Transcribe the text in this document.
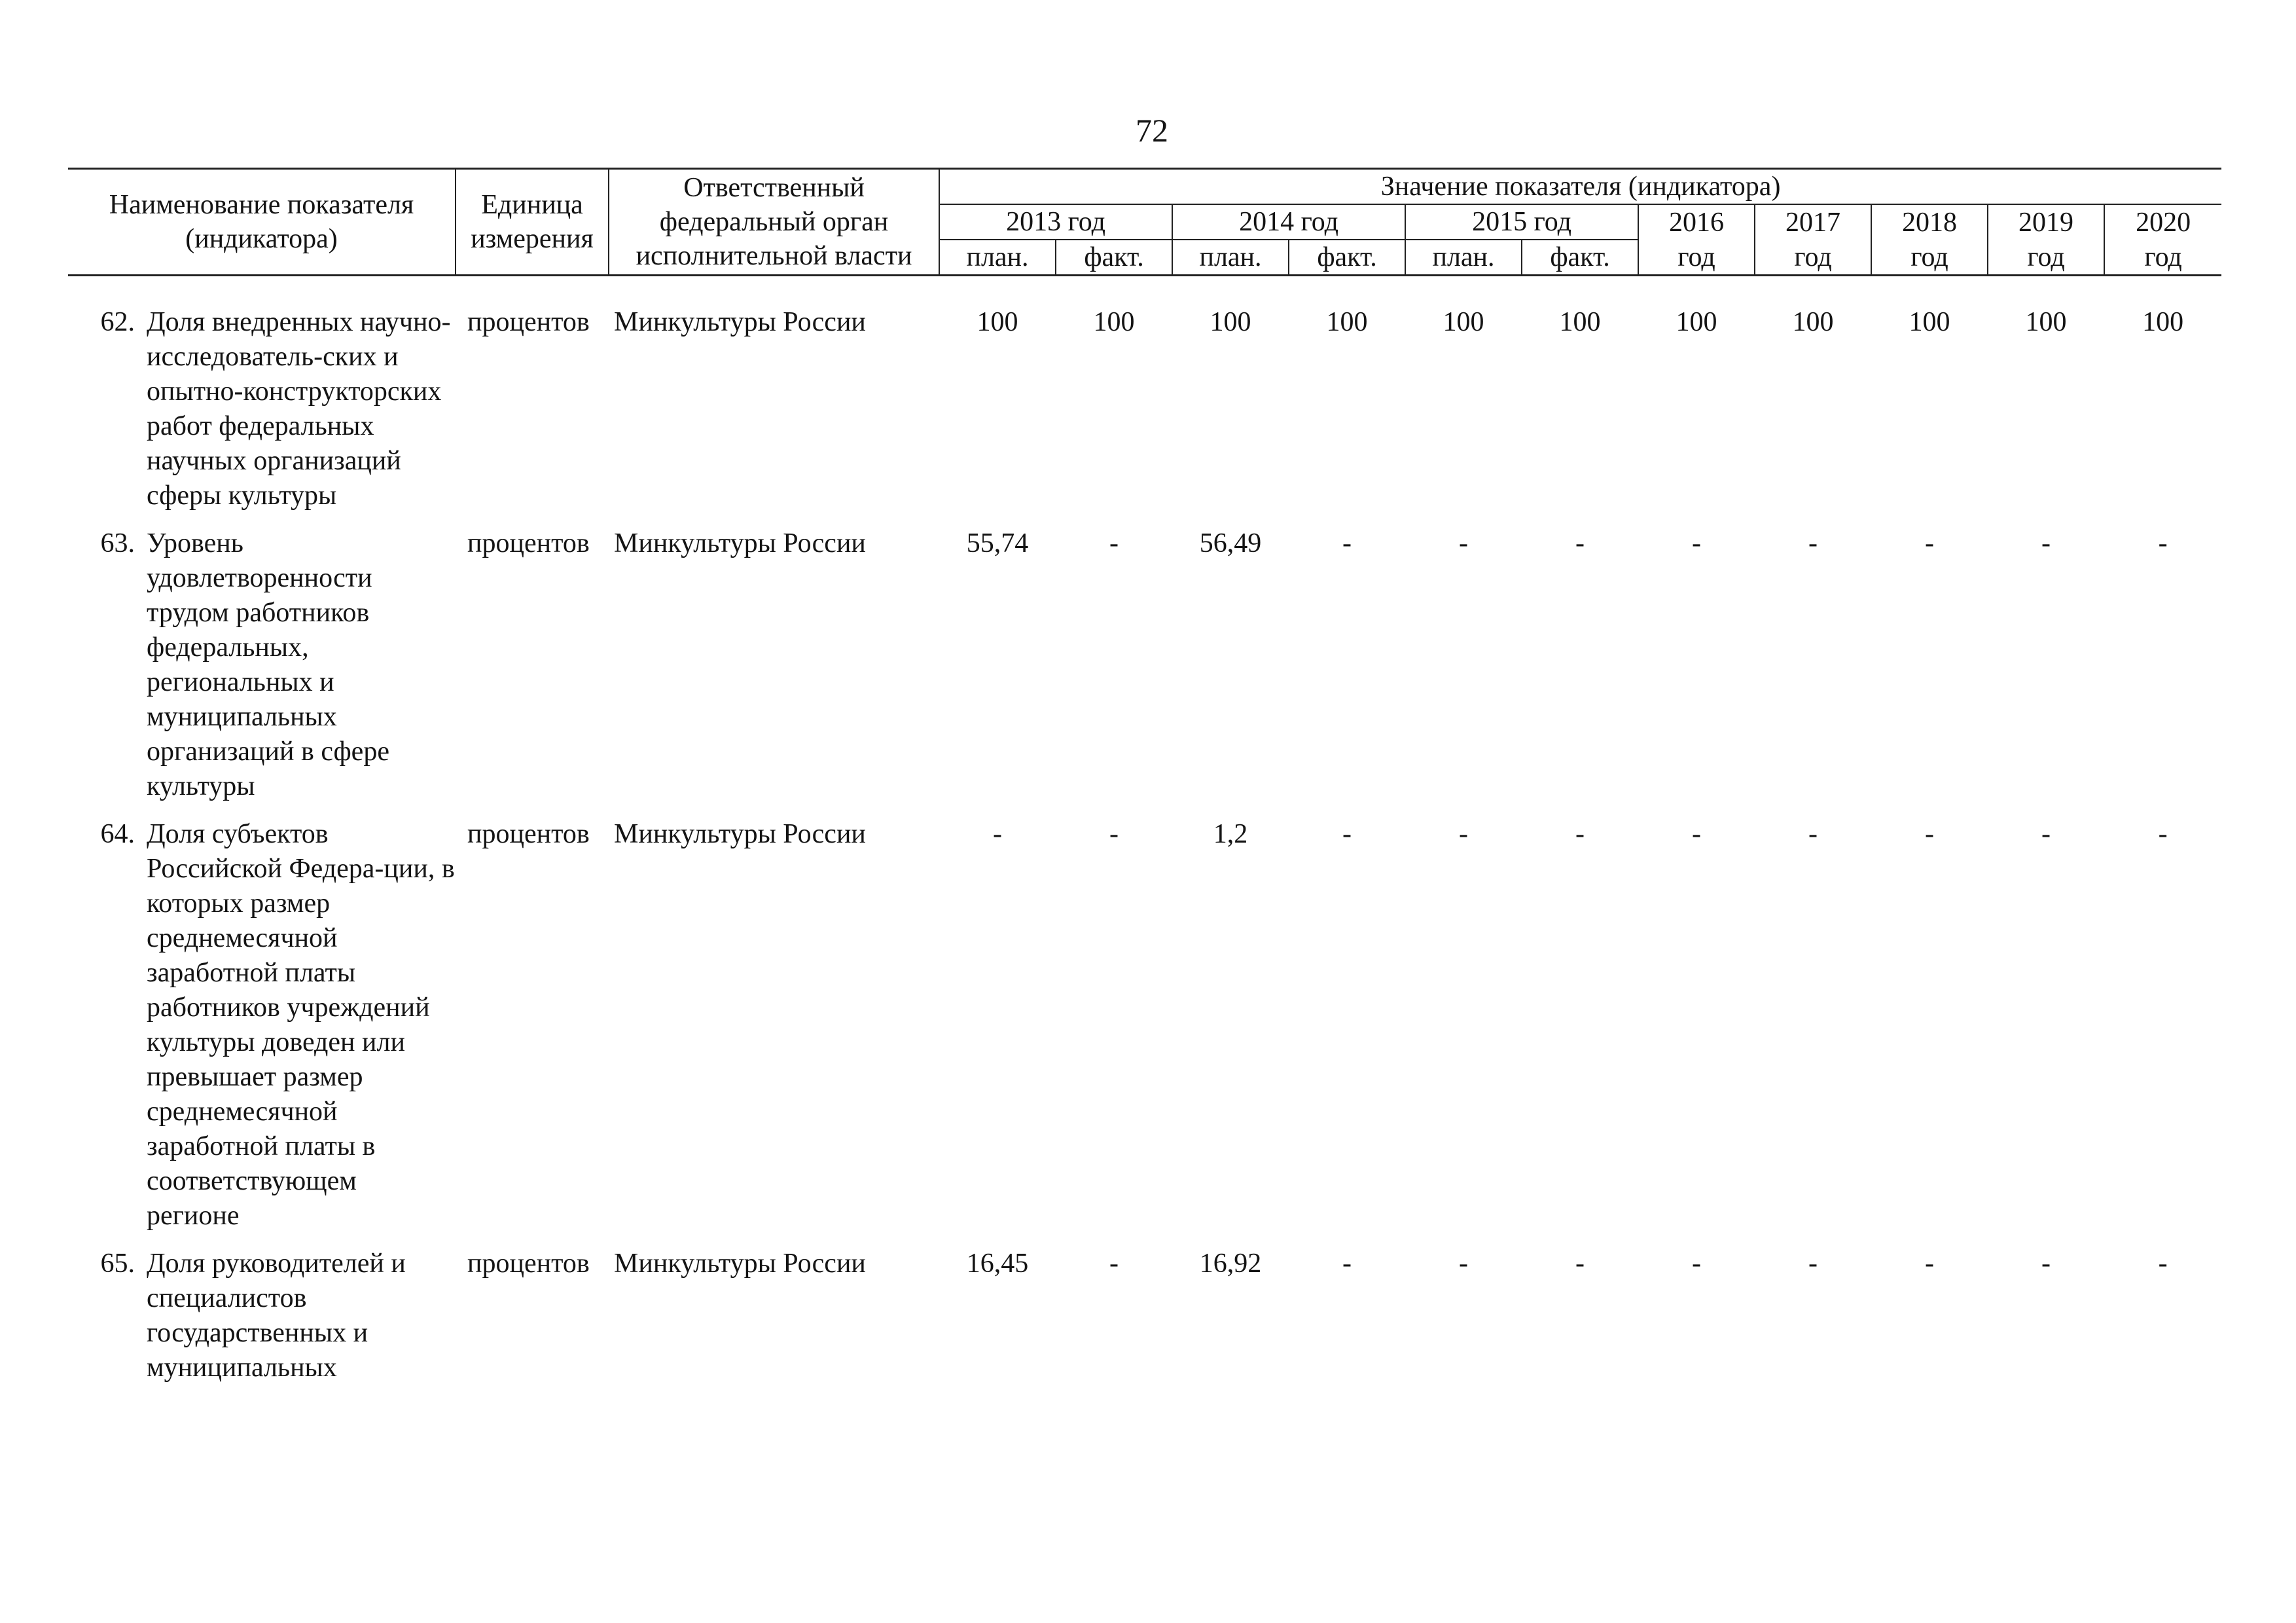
72
Наименование показателя (индикатора)		Единица измерения	Ответственный федеральный орган исполнительной власти	Значение показателя (индикатора)										
				2013 год		2014 год		2015 год		2016	2017	2018	2019	2020
				план.	факт.	план.	факт.	план.	факт.	год	год	год	год	год

62.	Доля внедренных научно-исследователь-ских и опытно-конструкторских работ федеральных научных организаций сферы культуры	процентов	Минкультуры России	100	100	100	100	100	100	100	100	100	100	100
63.	Уровень удовлетворенности трудом работников федеральных, региональных и муниципальных организаций в сфере культуры	процентов	Минкультуры России	55,74	-	56,49	-	-	-	-	-	-	-	-
64.	Доля субъектов Российской Федера-ции, в которых размер среднемесячной заработной платы работников учреждений культуры доведен или превышает размер среднемесячной заработной платы в соответствующем регионе	процентов	Минкультуры России	-	-	1,2	-	-	-	-	-	-	-	-
65.	Доля руководителей и специалистов государственных и муниципальных	процентов	Минкультуры России	16,45	-	16,92	-	-	-	-	-	-	-	-
